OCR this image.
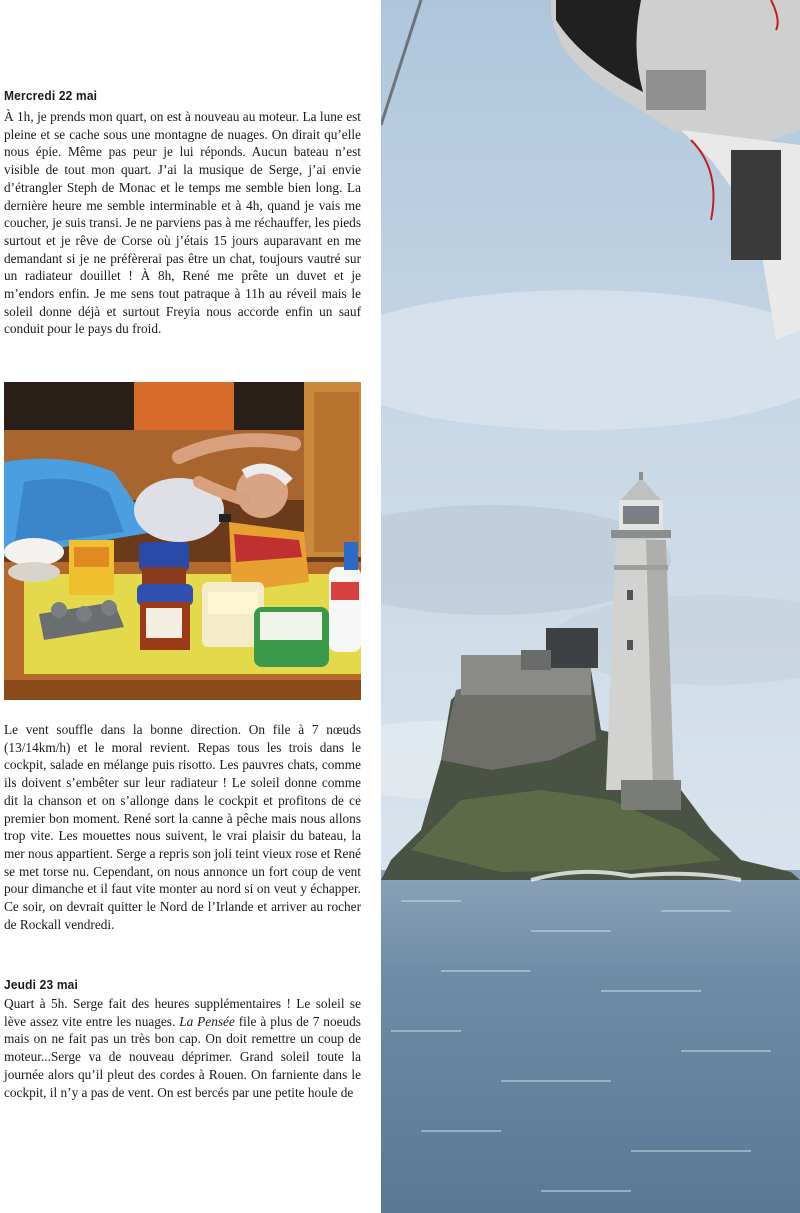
Mercredi 22 mai

À 1h, je prends mon quart, on est à nouveau au moteur. La lune est pleine et se cache sous une montagne de nuages. On dirait qu’elle nous épie. Même pas peur je lui réponds. Aucun bateau n’est visible de tout mon quart. J’ai la musique de Serge, j’ai envie d’étrangler Steph de Monac et le temps me semble bien long. La dernière heure me semble interminable et à 4h, quand je vais me coucher, je suis transi. Je ne parviens pas à me réchauffer, les pieds surtout et je rêve de Corse où j’étais 15 jours auparavant en me demandant si je ne préfèrerai pas être un chat, toujours vautré sur un radiateur douillet ! À 8h, René me prête un duvet et je m’endors enfin. Je me sens tout patraque à 11h au réveil mais le soleil donne déjà et surtout Freyia nous accorde enfin un sauf conduit pour le pays du froid.

Le vent souffle dans la bonne direction. On file à 7 nœuds (13/14km/h) et le moral revient. Repas tous les trois dans le cockpit, salade en mélange puis risotto. Les pauvres chats, comme ils doivent s’embêter sur leur radiateur ! Le soleil donne comme dit la chanson et on s’allonge dans le cockpit et profitons de ce premier bon moment. René sort la canne à pêche mais nous allons trop vite. Les mouettes nous suivent, le vrai plaisir du bateau, la mer nous appartient. Serge a repris son joli teint vieux rose et René se met torse nu. Cependant, on nous annonce un fort coup de vent pour dimanche et il faut vite monter au nord si on veut y échapper. Ce soir, on devrait quitter le Nord de l’Irlande et arriver au rocher de Rockall vendredi.

Jeudi 23 mai

Quart à 5h. Serge fait des heures supplémentaires ! Le soleil se lève assez vite entre les nuages. La Pensée file à plus de 7 noeuds mais on ne fait pas un très bon cap. On doit remettre un coup de moteur...Serge va de nouveau déprimer. Grand soleil toute la journée alors qu’il pleut des cordes à Rouen. On farniente dans le cockpit, il n’y a pas de vent. On est bercés par une petite houle de
